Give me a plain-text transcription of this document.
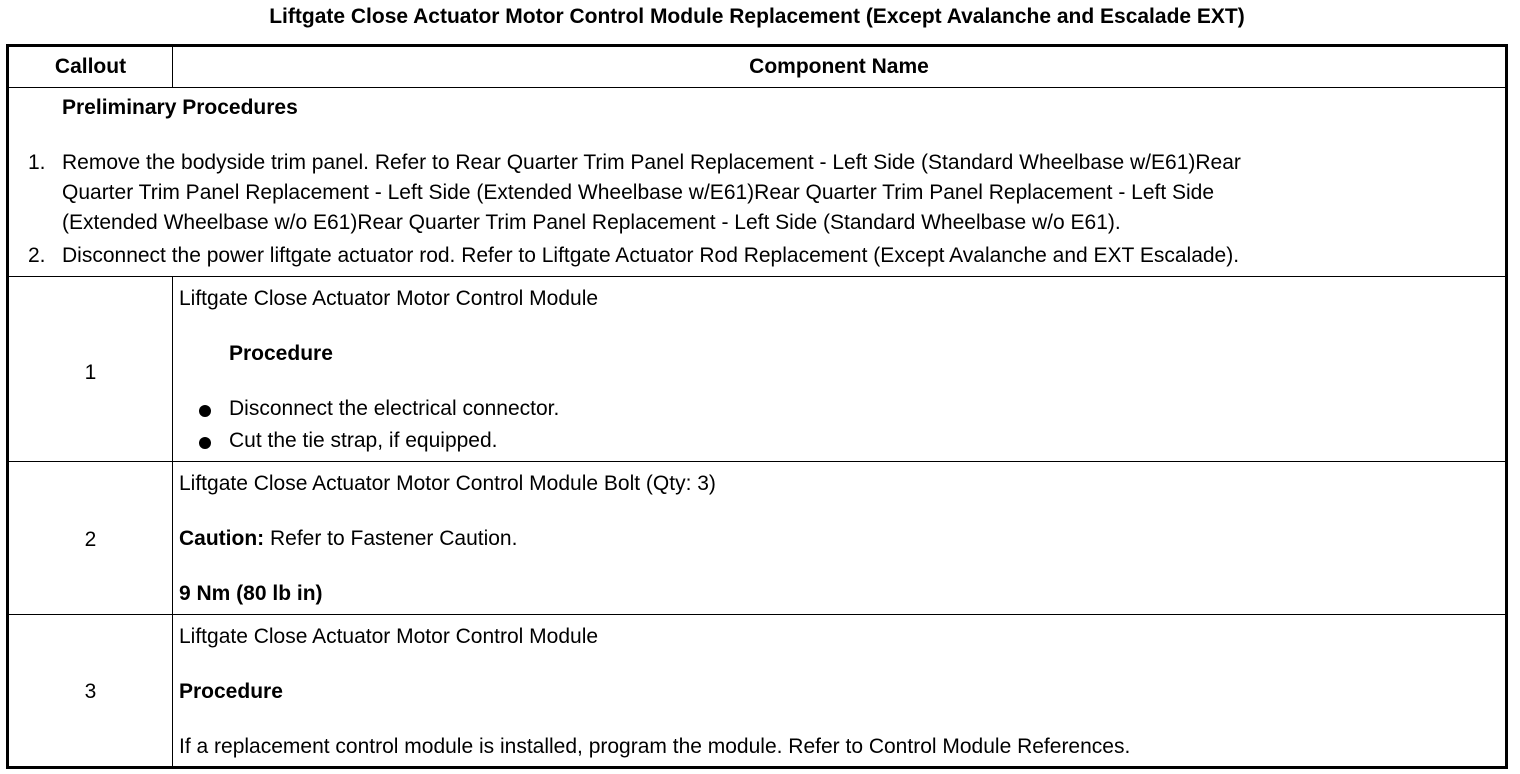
Liftgate Close Actuator Motor Control Module Replacement (Except Avalanche and Escalade EXT)
Callout	Component Name
Preliminary Procedures
1. Remove the bodyside trim panel. Refer to Rear Quarter Trim Panel Replacement - Left Side (Standard Wheelbase w/E61)Rear
Quarter Trim Panel Replacement - Left Side (Extended Wheelbase w/E61)Rear Quarter Trim Panel Replacement - Left Side
(Extended Wheelbase w/o E61)Rear Quarter Trim Panel Replacement - Left Side (Standard Wheelbase w/o E61).
2. Disconnect the power liftgate actuator rod. Refer to Liftgate Actuator Rod Replacement (Except Avalanche and EXT Escalade).
1
Liftgate Close Actuator Motor Control Module
Procedure
Disconnect the electrical connector.
Cut the tie strap, if equipped.
2
Liftgate Close Actuator Motor Control Module Bolt (Qty: 3)
Caution: Refer to Fastener Caution.
9 Nm (80 lb in)
3
Liftgate Close Actuator Motor Control Module
Procedure
If a replacement control module is installed, program the module. Refer to Control Module References.
